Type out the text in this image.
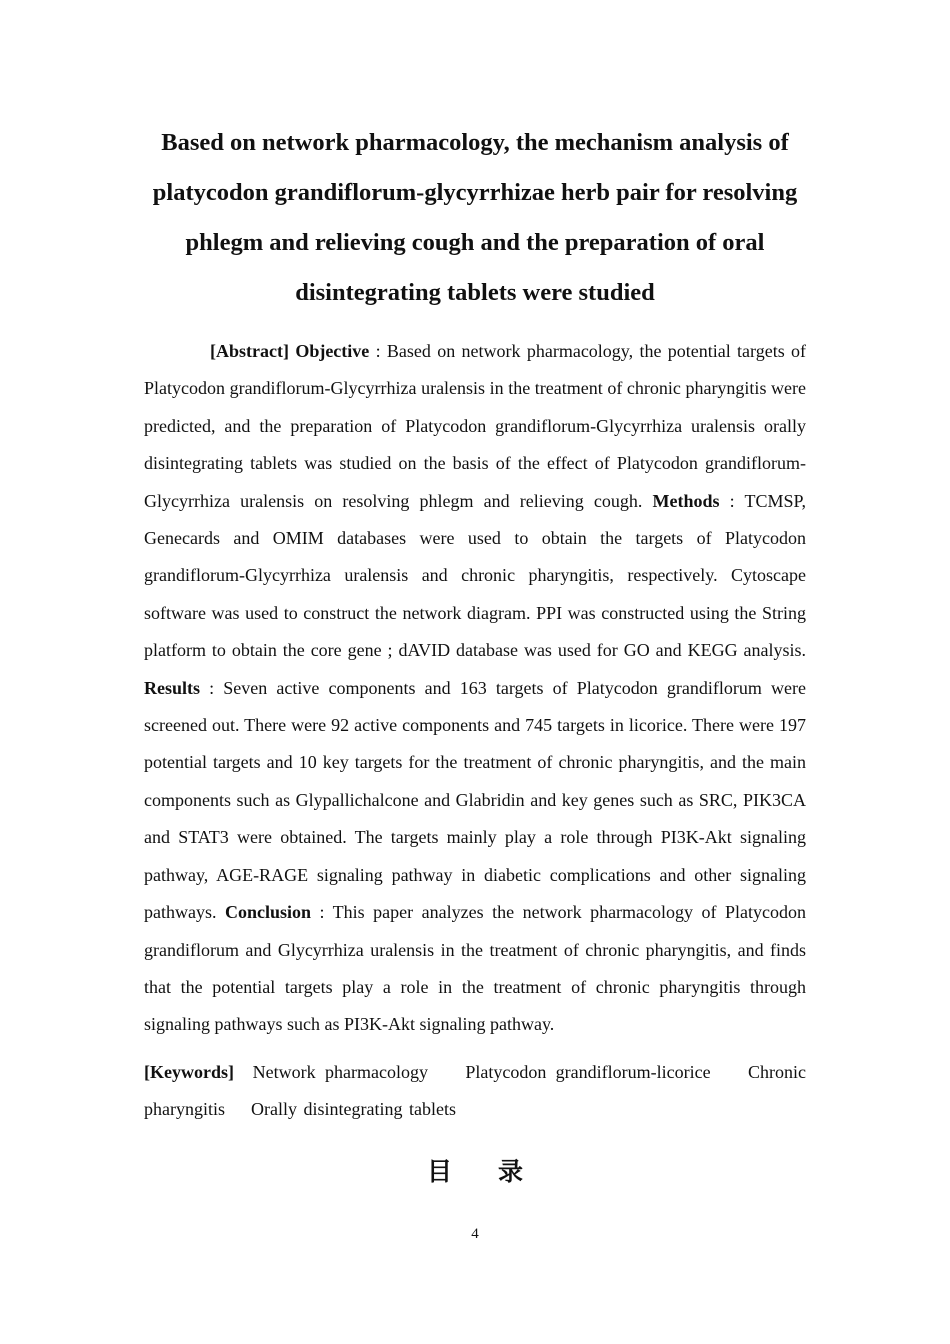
Based on network pharmacology, the mechanism analysis of platycodon grandiflorum-glycyrrhizae herb pair for resolving phlegm and relieving cough and the preparation of oral disintegrating tablets were studied

[Abstract] Objective : Based on network pharmacology, the potential targets of Platycodon grandiflorum-Glycyrrhiza uralensis in the treatment of chronic pharyngitis were predicted, and the preparation of Platycodon grandiflorum-Glycyrrhiza uralensis orally disintegrating tablets was studied on the basis of the effect of Platycodon grandiflorum-Glycyrrhiza uralensis on resolving phlegm and relieving cough. Methods : TCMSP, Genecards and OMIM databases were used to obtain the targets of Platycodon grandiflorum-Glycyrrhiza uralensis and chronic pharyngitis, respectively. Cytoscape software was used to construct the network diagram. PPI was constructed using the String platform to obtain the core gene ; dAVID database was used for GO and KEGG analysis. Results : Seven active components and 163 targets of Platycodon grandiflorum were screened out. There were 92 active components and 745 targets in licorice. There were 197 potential targets and 10 key targets for the treatment of chronic pharyngitis, and the main components such as Glypallichalcone and Glabridin and key genes such as SRC, PIK3CA and STAT3 were obtained. The targets mainly play a role through PI3K-Akt signaling pathway, AGE-RAGE signaling pathway in diabetic complications and other signaling pathways. Conclusion : This paper analyzes the network pharmacology of Platycodon grandiflorum and Glycyrrhiza uralensis in the treatment of chronic pharyngitis, and finds that the potential targets play a role in the treatment of chronic pharyngitis through signaling pathways such as PI3K-Akt signaling pathway.

[Keywords] Network pharmacology Platycodon grandiflorum-licorice Chronic pharyngitis Orally disintegrating tablets

目录
4
